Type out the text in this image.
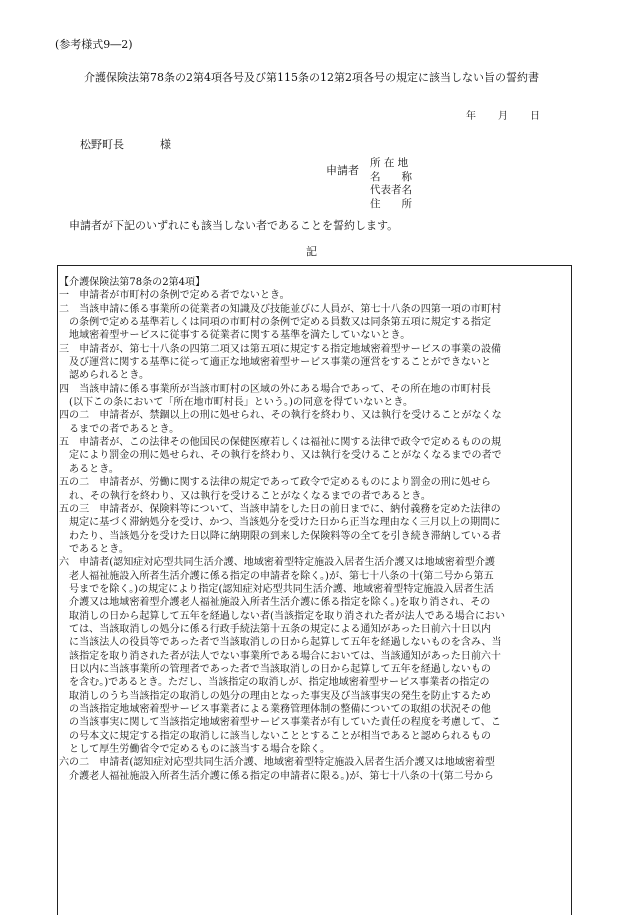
(参考様式9―2)
介護保険法第78条の2第4項各号及び第115条の12第2項各号の規定に該当しない旨の誓約書
年 月 日
松野町長	様
申請者
所 在 地
名　　称
代表者名
住　　所
申請者が下記のいずれにも該当しない者であることを誓約します。
記
【介護保険法第78条の2第4項】
一　申請者が市町村の条例で定める者でないとき。
二　当該申請に係る事業所の従業者の知識及び技能並びに人員が、第七十八条の四第一項の市町村
　の条例で定める基準若しくは同項の市町村の条例で定める員数又は同条第五項に規定する指定
　地域密着型サービスに従事する従業者に関する基準を満たしていないとき。
三　申請者が、第七十八条の四第二項又は第五項に規定する指定地域密着型サービスの事業の設備
　及び運営に関する基準に従って適正な地域密着型サービス事業の運営をすることができないと
　認められるとき。
四　当該申請に係る事業所が当該市町村の区域の外にある場合であって、その所在地の市町村長
　(以下この条において「所在地市町村長」という。)の同意を得ていないとき。
四の二　申請者が、禁錮以上の刑に処せられ、その執行を終わり、又は執行を受けることがなくな
　るまでの者であるとき。
五　申請者が、この法律その他国民の保健医療若しくは福祉に関する法律で政令で定めるものの規
　定により罰金の刑に処せられ、その執行を終わり、又は執行を受けることがなくなるまでの者で
　あるとき。
五の二　申請者が、労働に関する法律の規定であって政令で定めるものにより罰金の刑に処せら
　れ、その執行を終わり、又は執行を受けることがなくなるまでの者であるとき。
五の三　申請者が、保険料等について、当該申請をした日の前日までに、納付義務を定めた法律の
　規定に基づく滞納処分を受け、かつ、当該処分を受けた日から正当な理由なく三月以上の期間に
　わたり、当該処分を受けた日以降に納期限の到来した保険料等の全てを引き続き滞納している者
　であるとき。
六　申請者(認知症対応型共同生活介護、地域密着型特定施設入居者生活介護又は地域密着型介護
　老人福祉施設入所者生活介護に係る指定の申請者を除く。)が、第七十八条の十(第二号から第五
　号までを除く。)の規定により指定(認知症対応型共同生活介護、地域密着型特定施設入居者生活
　介護又は地域密着型介護老人福祉施設入所者生活介護に係る指定を除く。)を取り消され、その
　取消しの日から起算して五年を経過しない者(当該指定を取り消された者が法人である場合におい
　ては、当該取消しの処分に係る行政手続法第十五条の規定による通知があった日前六十日以内
　に当該法人の役員等であった者で当該取消しの日から起算して五年を経過しないものを含み、当
　該指定を取り消された者が法人でない事業所である場合においては、当該通知があった日前六十
　日以内に当該事業所の管理者であった者で当該取消しの日から起算して五年を経過しないもの
　を含む。)であるとき。ただし、当該指定の取消しが、指定地域密着型サービス事業者の指定の
　取消しのうち当該指定の取消しの処分の理由となった事実及び当該事実の発生を防止するため
　の当該指定地域密着型サービス事業者による業務管理体制の整備についての取組の状況その他
　の当該事実に関して当該指定地域密着型サービス事業者が有していた責任の程度を考慮して、こ
　の号本文に規定する指定の取消しに該当しないこととすることが相当であると認められるもの
　として厚生労働省令で定めるものに該当する場合を除く。
六の二　申請者(認知症対応型共同生活介護、地域密着型特定施設入居者生活介護又は地域密着型
　介護老人福祉施設入所者生活介護に係る指定の申請者に限る。)が、第七十八条の十(第二号から
